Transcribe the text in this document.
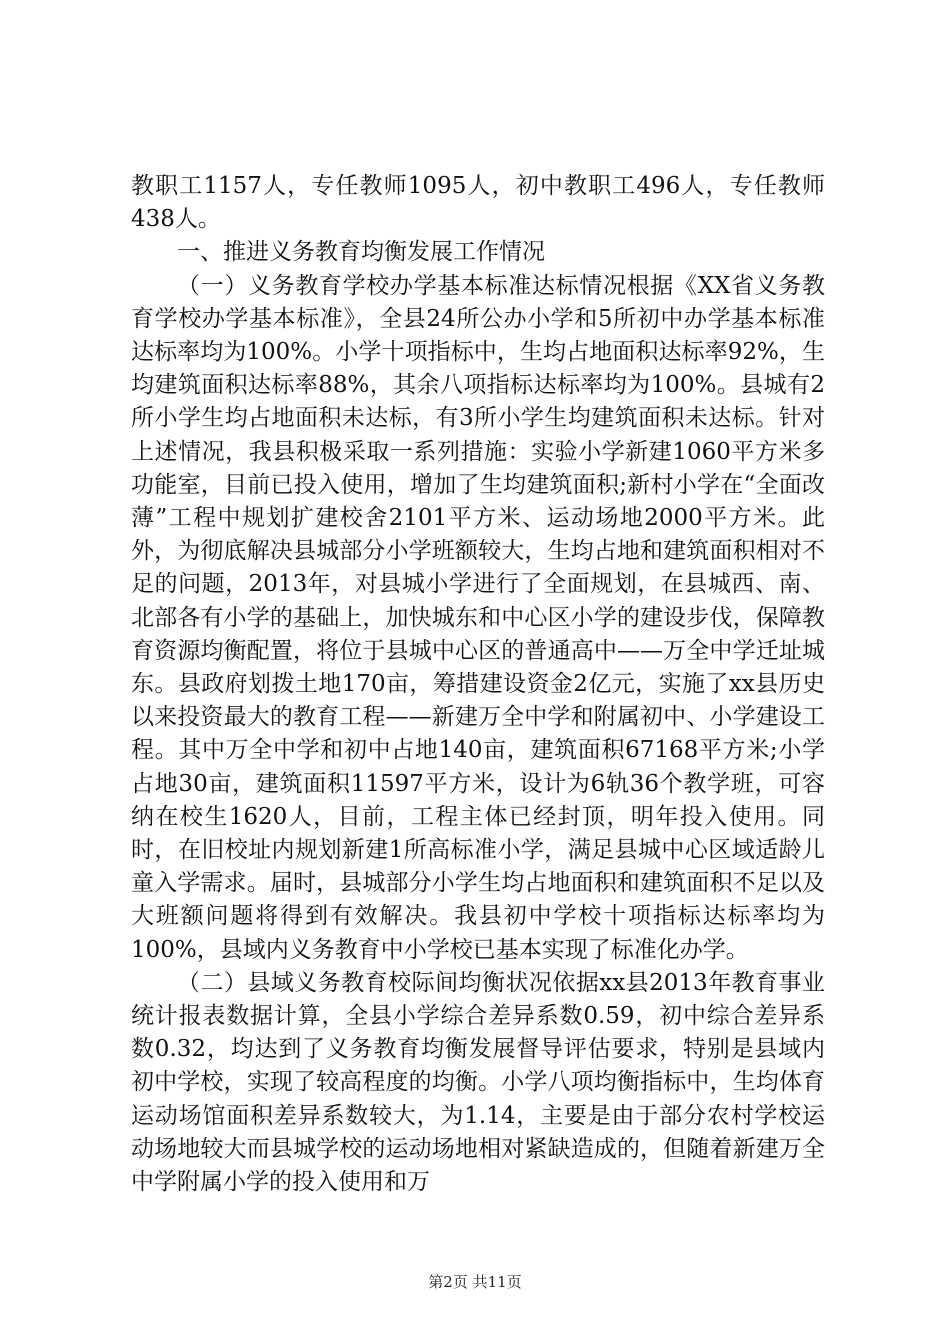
教职工1157人，专任教师1095人，初中教职工496人，专任教师438人。

一、推进义务教育均衡发展工作情况

（一）义务教育学校办学基本标准达标情况根据《XX省义务教育学校办学基本标准》，全县24所公办小学和5所初中办学基本标准达标率均为100%。小学十项指标中，生均占地面积达标率92%，生均建筑面积达标率88%，其余八项指标达标率均为100%。县城有2所小学生均占地面积未达标，有3所小学生均建筑面积未达标。针对上述情况，我县积极采取一系列措施：实验小学新建1060平方米多功能室，目前已投入使用，增加了生均建筑面积;新村小学在“全面改薄”工程中规划扩建校舍2101平方米、运动场地2000平方米。此外，为彻底解决县城部分小学班额较大，生均占地和建筑面积相对不足的问题，2013年，对县城小学进行了全面规划，在县城西、南、北部各有小学的基础上，加快城东和中心区小学的建设步伐，保障教育资源均衡配置，将位于县城中心区的普通高中——万全中学迁址城东。县政府划拨土地170亩，筹措建设资金2亿元，实施了xx县历史以来投资最大的教育工程——新建万全中学和附属初中、小学建设工程。其中万全中学和初中占地140亩，建筑面积67168平方米;小学占地30亩，建筑面积11597平方米，设计为6轨36个教学班，可容纳在校生1620人，目前，工程主体已经封顶，明年投入使用。同时，在旧校址内规划新建1所高标准小学，满足县城中心区域适龄儿童入学需求。届时，县城部分小学生均占地面积和建筑面积不足以及大班额问题将得到有效解决。我县初中学校十项指标达标率均为100%，县域内义务教育中小学校已基本实现了标准化办学。

（二）县域义务教育校际间均衡状况依据xx县2013年教育事业统计报表数据计算，全县小学综合差异系数0.59，初中综合差异系数0.32，均达到了义务教育均衡发展督导评估要求，特别是县域内初中学校，实现了较高程度的均衡。小学八项均衡指标中，生均体育运动场馆面积差异系数较大，为1.14，主要是由于部分农村学校运动场地较大而县城学校的运动场地相对紧缺造成的，但随着新建万全中学附属小学的投入使用和万

第2页 共11页
